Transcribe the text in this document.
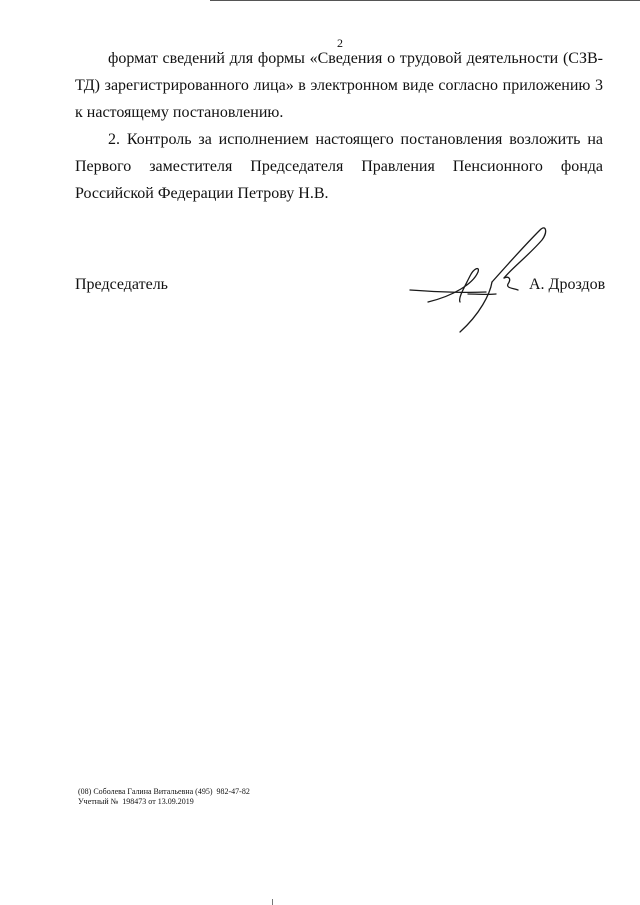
2

формат сведений для формы «Сведения о трудовой деятельности (СЗВ-ТД) зарегистрированного лица» в электронном виде согласно приложению 3 к настоящему постановлению.

2. Контроль за исполнением настоящего постановления возложить на Первого заместителя Председателя Правления Пенсионного фонда Российской Федерации Петрову Н.В.

Председатель	А. Дроздов
(08) Соболева Галина Витальевна (495)  982-47-82
Учетный №  198473 от 13.09.2019
